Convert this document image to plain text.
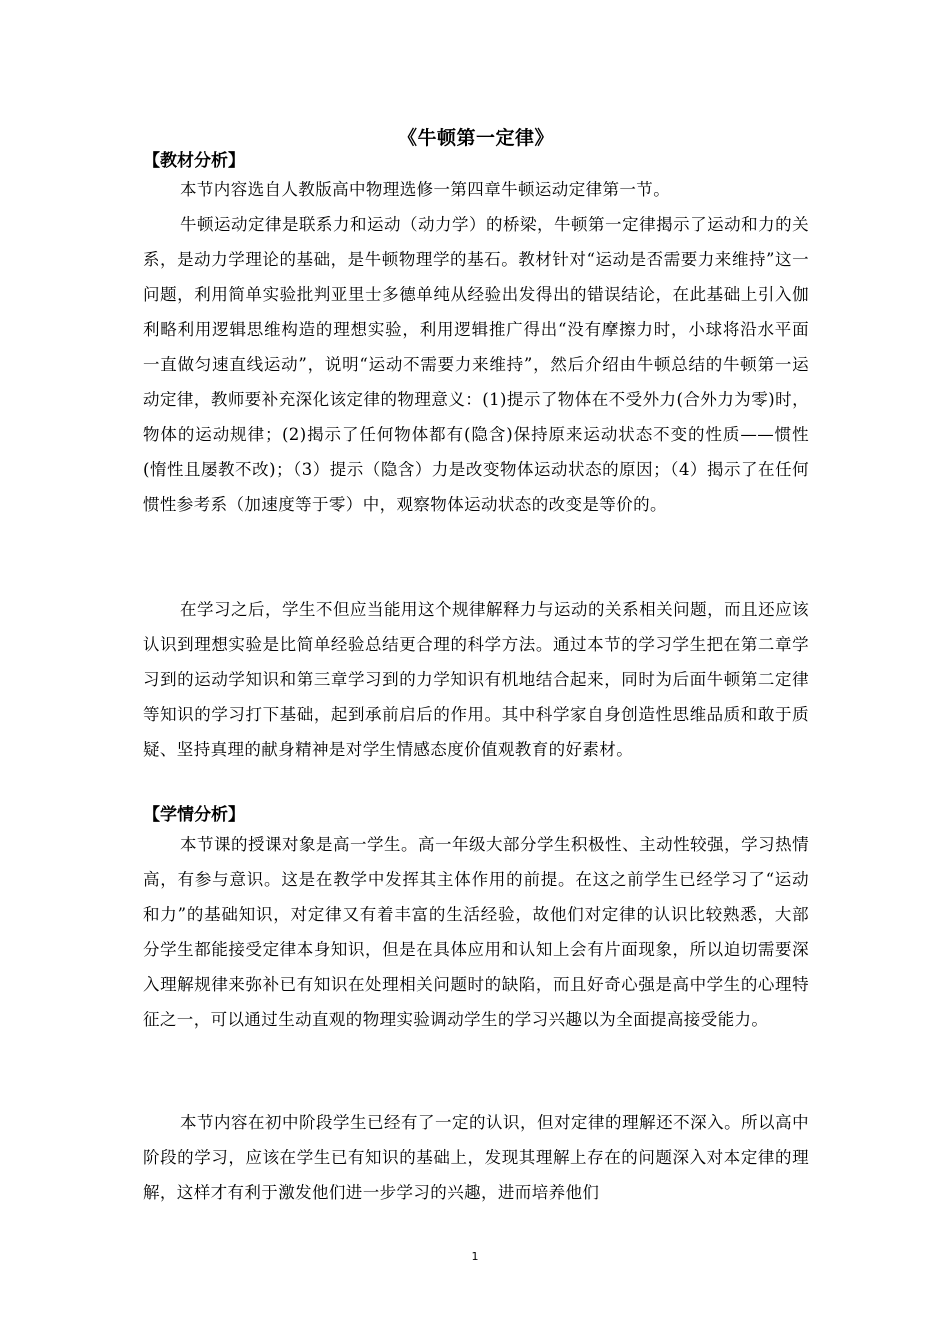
《牛顿第一定律》
【教材分析】

本节内容选自人教版高中物理选修一第四章牛顿运动定律第一节。

牛顿运动定律是联系力和运动（动力学）的桥梁，牛顿第一定律揭示了运动和力的关系，是动力学理论的基础，是牛顿物理学的基石。教材针对“运动是否需要力来维持”这一问题，利用简单实验批判亚里士多德单纯从经验出发得出的错误结论，在此基础上引入伽利略利用逻辑思维构造的理想实验，利用逻辑推广得出“没有摩擦力时，小球将沿水平面一直做匀速直线运动”，说明“运动不需要力来维持”，然后介绍由牛顿总结的牛顿第一运动定律，教师要补充深化该定律的物理意义：(1)提示了物体在不受外力(合外力为零)时，物体的运动规律；(2)揭示了任何物体都有(隐含)保持原来运动状态不变的性质——惯性(惰性且屡教不改)；（3）提示（隐含）力是改变物体运动状态的原因；（4）揭示了在任何惯性参考系（加速度等于零）中，观察物体运动状态的改变是等价的。

在学习之后，学生不但应当能用这个规律解释力与运动的关系相关问题，而且还应该认识到理想实验是比简单经验总结更合理的科学方法。通过本节的学习学生把在第二章学习到的运动学知识和第三章学习到的力学知识有机地结合起来，同时为后面牛顿第二定律等知识的学习打下基础，起到承前启后的作用。其中科学家自身创造性思维品质和敢于质疑、坚持真理的献身精神是对学生情感态度价值观教育的好素材。

【学情分析】

本节课的授课对象是高一学生。高一年级大部分学生积极性、主动性较强，学习热情高，有参与意识。这是在教学中发挥其主体作用的前提。在这之前学生已经学习了“运动和力”的基础知识，对定律又有着丰富的生活经验，故他们对定律的认识比较熟悉，大部分学生都能接受定律本身知识，但是在具体应用和认知上会有片面现象，所以迫切需要深入理解规律来弥补已有知识在处理相关问题时的缺陷，而且好奇心强是高中学生的心理特征之一，可以通过生动直观的物理实验调动学生的学习兴趣以为全面提高接受能力。

本节内容在初中阶段学生已经有了一定的认识，但对定律的理解还不深入。所以高中阶段的学习，应该在学生已有知识的基础上，发现其理解上存在的问题深入对本定律的理解，这样才有利于激发他们进一步学习的兴趣，进而培养他们

1
